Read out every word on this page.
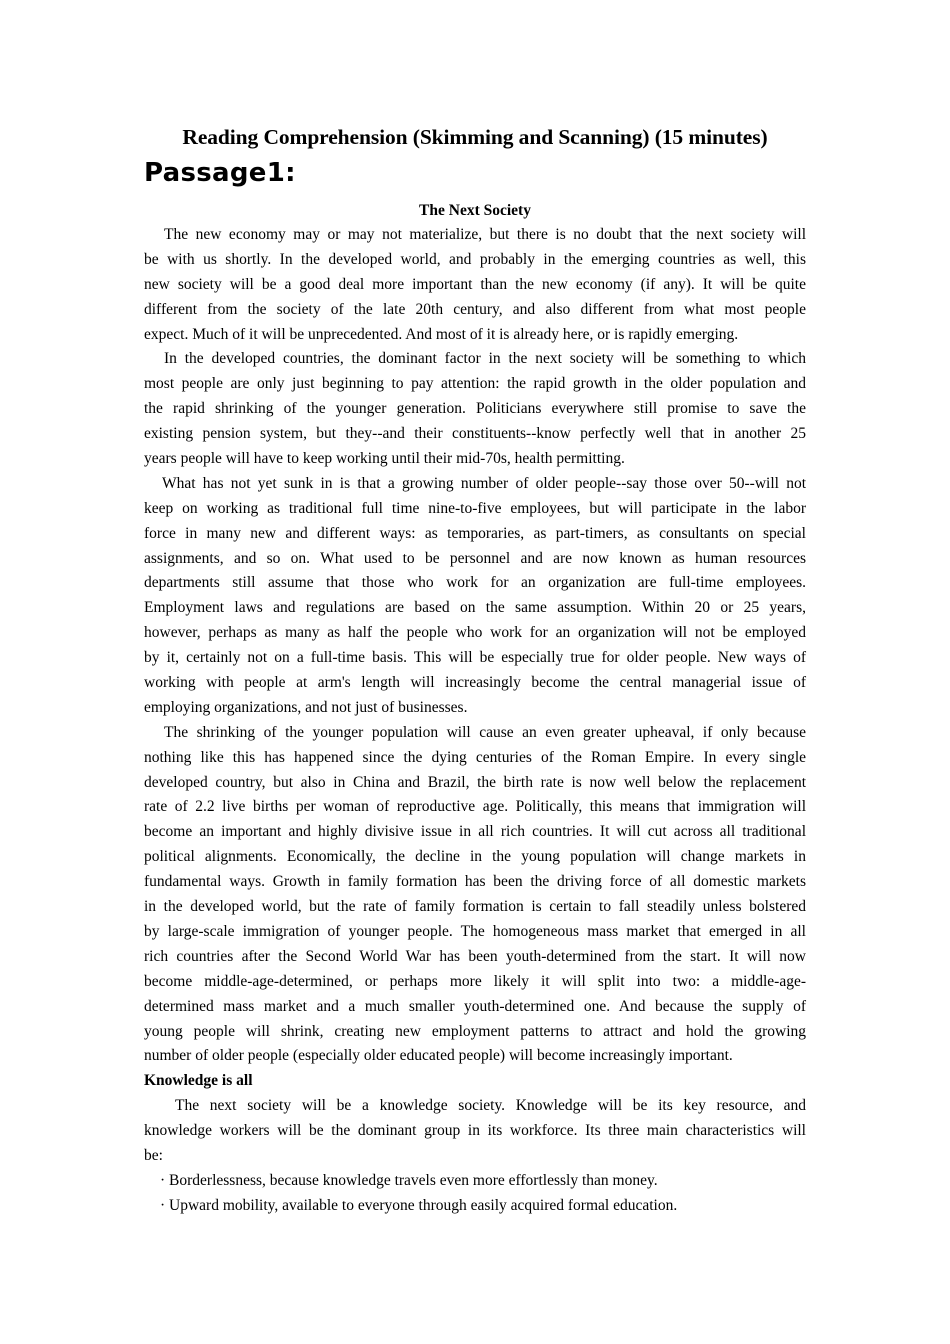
Reading Comprehension (Skimming and Scanning) (15 minutes)
Passage1:
The Next Society
The new economy may or may not materialize, but there is no doubt that the next society will
be with us shortly. In the developed world, and probably in the emerging countries as well, this
new society will be a good deal more important than the new economy (if any). It will be quite
different from the society of the late 20th century, and also different from what most people
expect. Much of it will be unprecedented. And most of it is already here, or is rapidly emerging.
In the developed countries, the dominant factor in the next society will be something to which
most people are only just beginning to pay attention: the rapid growth in the older population and
the rapid shrinking of the younger generation. Politicians everywhere still promise to save the
existing pension system, but they--and their constituents--know perfectly well that in another 25
years people will have to keep working until their mid-70s, health permitting.
What has not yet sunk in is that a growing number of older people--say those over 50--will not
keep on working as traditional full time nine-to-five employees, but will participate in the labor
force in many new and different ways: as temporaries, as part-timers, as consultants on special
assignments, and so on. What used to be personnel and are now known as human resources
departments still assume that those who work for an organization are full-time employees.
Employment laws and regulations are based on the same assumption. Within 20 or 25 years,
however, perhaps as many as half the people who work for an organization will not be employed
by it, certainly not on a full-time basis. This will be especially true for older people. New ways of
working with people at arm's length will increasingly become the central managerial issue of
employing organizations, and not just of businesses.
The shrinking of the younger population will cause an even greater upheaval, if only because
nothing like this has happened since the dying centuries of the Roman Empire. In every single
developed country, but also in China and Brazil, the birth rate is now well below the replacement
rate of 2.2 live births per woman of reproductive age. Politically, this means that immigration will
become an important and highly divisive issue in all rich countries. It will cut across all traditional
political alignments. Economically, the decline in the young population will change markets in
fundamental ways. Growth in family formation has been the driving force of all domestic markets
in the developed world, but the rate of family formation is certain to fall steadily unless bolstered
by large-scale immigration of younger people. The homogeneous mass market that emerged in all
rich countries after the Second World War has been youth-determined from the start. It will now
become middle-age-determined, or perhaps more likely it will split into two: a middle-age-
determined mass market and a much smaller youth-determined one. And because the supply of
young people will shrink, creating new employment patterns to attract and hold the growing
number of older people (especially older educated people) will become increasingly important.
Knowledge is all
The next society will be a knowledge society. Knowledge will be its key resource, and
knowledge workers will be the dominant group in its workforce. Its three main characteristics will
be:
· Borderlessness, because knowledge travels even more effortlessly than money.
· Upward mobility, available to everyone through easily acquired formal education.
